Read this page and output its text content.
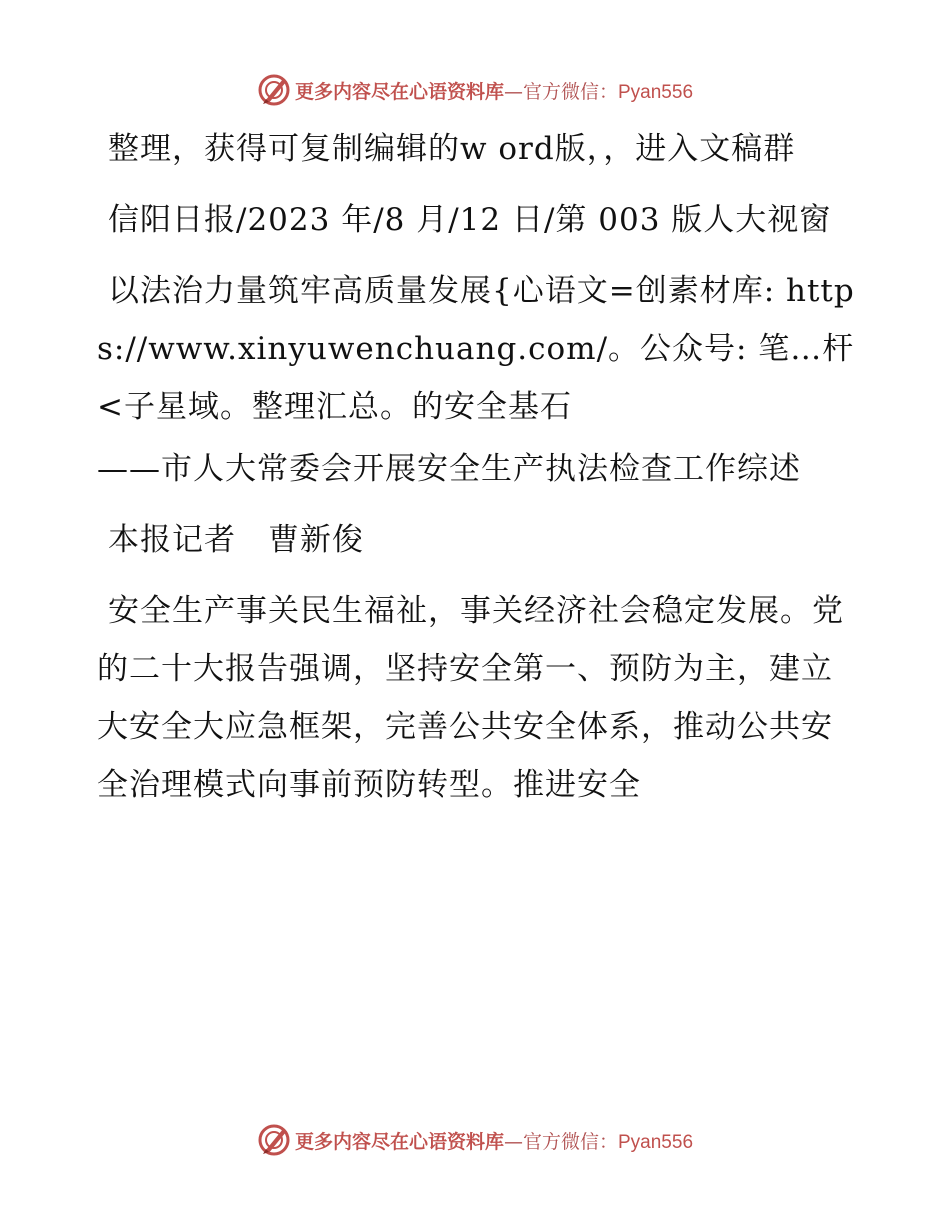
更多内容尽在心语资料库—官方微信：Pyan556

整理，获得可复制编辑的w ord版，，进入文稿群

信阳日报/2023 年/8 月/12 日/第 003 版人大视窗

以法治力量筑牢高质量发展{心语文=创素材库: https://www.xinyuwenchuang.com/。公众号: 笔…杆<子星域。整理汇总。的安全基石

——市人大常委会开展安全生产执法检查工作综述

本报记者　曹新俊

安全生产事关民生福祉，事关经济社会稳定发展。党的二十大报告强调，坚持安全第一、预防为主，建立大安全大应急框架，完善公共安全体系，推动公共安全治理模式向事前预防转型。推进安全

更多内容尽在心语资料库—官方微信：Pyan556
